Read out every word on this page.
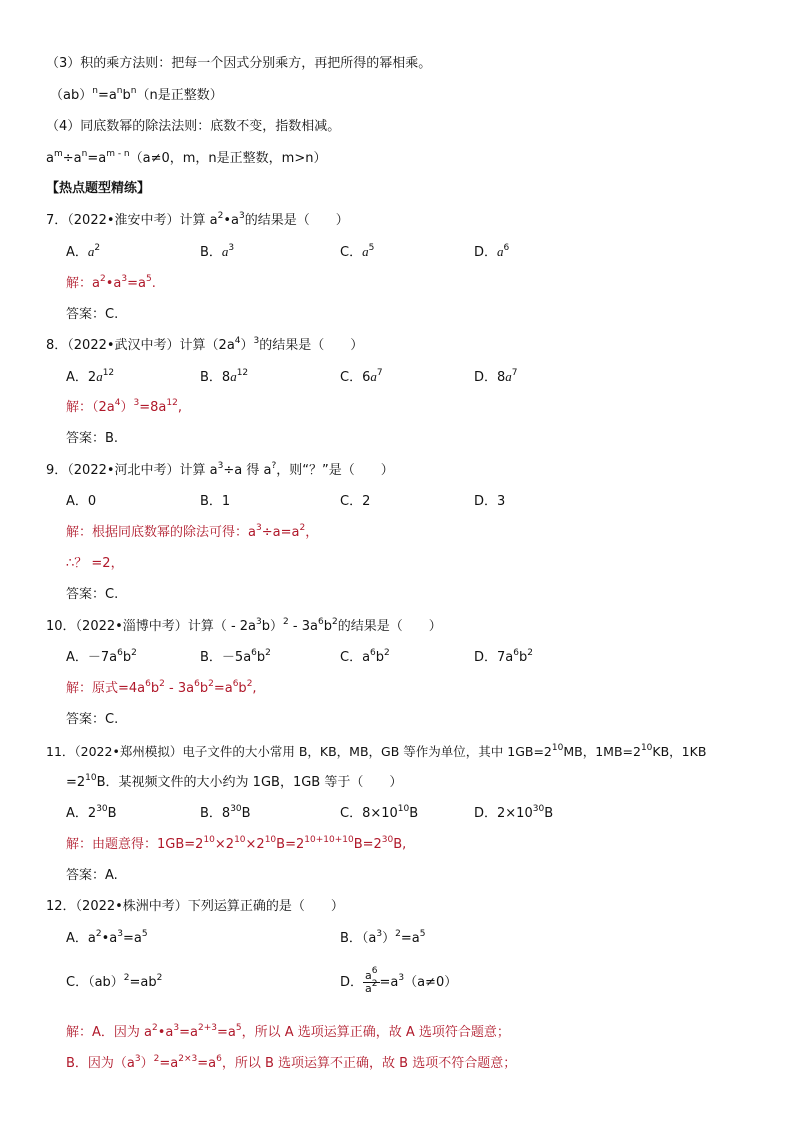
（3）积的乘方法则：把每一个因式分别乘方，再把所得的幂相乘。
$(ab)^n=a^nb^n(n$是正整数）
（4）同底数幂的除法法则：底数不变，指数相减。
$a^m\div a^n=a^{m - n}(a\ne 0$，m，n是正整数，m>n）
【热点题型精练】
7．（2022•淮安中考）计算 $a^2•a^3$的结果是（　　）
A．$a^2$	B．$a^3$	C．$a^5$	D．$a^6$
解：$a^2•a^3=a^5$.
答案：C.
8．（2022•武汉中考）计算$(2a^4)^3$的结果是（　　）
A．$2a^{12}$	B．$8a^{12}$	C．$6a^7$	D．$8a^7$
解：$(2a^4)^3=8a^{12}$,
答案：B.
9．（2022•河北中考）计算 $a^3\div a$ 得 a?，则“？”是（　　）
A．0	B．1	C．2	D．3
解：根据同底数幂的除法可得：$a^3\div a=a^2$，
∴？ =2，
答案：C.
10．（2022•淄博中考）计算（ - $2a^3b)^2 - 3a^6b^2$的结果是（　　）
A．$-7a^6b^2$	B．$-5a^6b^2$	C．$a^6b^2$	D．$7a^6b^2$
解：原式$=4a^6b^2 - 3a^6b^2=a^6b^2$,
答案：C.
11．（2022•郑州模拟）电子文件的大小常用 B，KB，MB，GB 等作为单位，其中 $1GB=2^{10}MB$，$1MB=2^{10}KB$，1KB
$=2^{10}B$．某视频文件的大小约为 1GB，1GB 等于（　　）
A．$2^{30}B$	B．$8^{30}B$	C．$8\times 10^{10}B$	D．$2\times 10^{30}B$
解：由题意得：$1GB=2^{10}\times 2^{10}\times 2^{10}B=2^{10+10+10}B=2^{30}B$,
答案：A.
12．（2022•株洲中考）下列运算正确的是（　　）
A．$a^2•a^3=a^5$	B．$(a^3)^2=a^5$
C．$(ab)^2=ab^2$	D． $\frac{a^6}{a^2} =a^3(a\ne 0)$
解：A．因为 $a^2•a^3=a^{2+3}=a^5$，所以 A 选项运算正确，故 A 选项符合题意；
B．因为$(a^3)^2=a^{2\times 3}=a^6$，所以 B 选项运算不正确，故 B 选项不符合题意；
